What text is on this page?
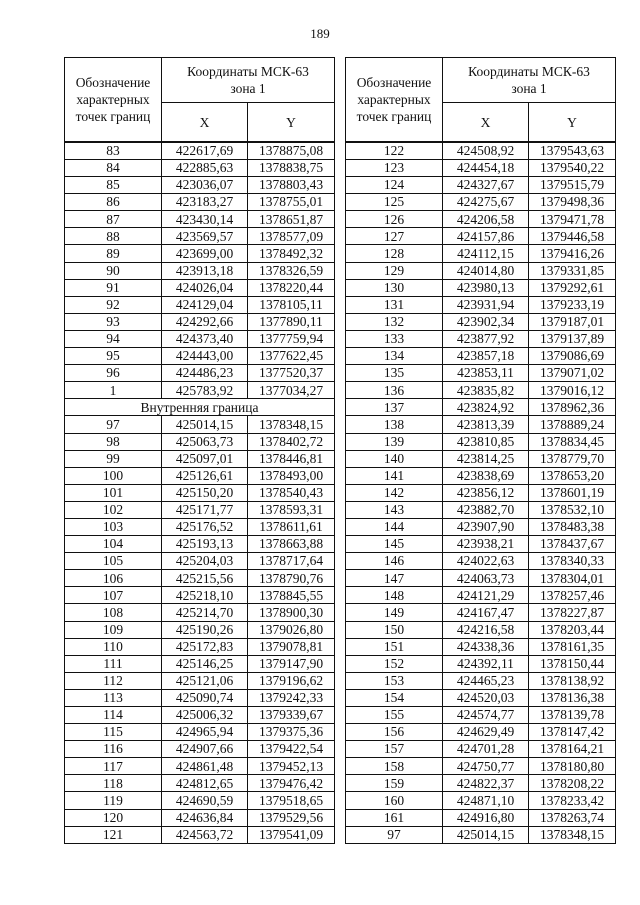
189
Обозначение характерных точек границ	Координаты МСК-63 зона 1	
	X	Y
83	422617,69	1378875,08
84	422885,63	1378838,75
85	423036,07	1378803,43
86	423183,27	1378755,01
87	423430,14	1378651,87
88	423569,57	1378577,09
89	423699,00	1378492,32
90	423913,18	1378326,59
91	424026,04	1378220,44
92	424129,04	1378105,11
93	424292,66	1377890,11
94	424373,40	1377759,94
95	424443,00	1377622,45
96	424486,23	1377520,37
1	425783,92	1377034,27
Внутренняя граница		
97	425014,15	1378348,15
98	425063,73	1378402,72
99	425097,01	1378446,81
100	425126,61	1378493,00
101	425150,20	1378540,43
102	425171,77	1378593,31
103	425176,52	1378611,61
104	425193,13	1378663,88
105	425204,03	1378717,64
106	425215,56	1378790,76
107	425218,10	1378845,55
108	425214,70	1378900,30
109	425190,26	1379026,80
110	425172,83	1379078,81
111	425146,25	1379147,90
112	425121,06	1379196,62
113	425090,74	1379242,33
114	425006,32	1379339,67
115	424965,94	1379375,36
116	424907,66	1379422,54
117	424861,48	1379452,13
118	424812,65	1379476,42
119	424690,59	1379518,65
120	424636,84	1379529,56
121	424563,72	1379541,09
Обозначение характерных точек границ	Координаты МСК-63 зона 1	
	X	Y
122	424508,92	1379543,63
123	424454,18	1379540,22
124	424327,67	1379515,79
125	424275,67	1379498,36
126	424206,58	1379471,78
127	424157,86	1379446,58
128	424112,15	1379416,26
129	424014,80	1379331,85
130	423980,13	1379292,61
131	423931,94	1379233,19
132	423902,34	1379187,01
133	423877,92	1379137,89
134	423857,18	1379086,69
135	423853,11	1379071,02
136	423835,82	1379016,12
137	423824,92	1378962,36
138	423813,39	1378889,24
139	423810,85	1378834,45
140	423814,25	1378779,70
141	423838,69	1378653,20
142	423856,12	1378601,19
143	423882,70	1378532,10
144	423907,90	1378483,38
145	423938,21	1378437,67
146	424022,63	1378340,33
147	424063,73	1378304,01
148	424121,29	1378257,46
149	424167,47	1378227,87
150	424216,58	1378203,44
151	424338,36	1378161,35
152	424392,11	1378150,44
153	424465,23	1378138,92
154	424520,03	1378136,38
155	424574,77	1378139,78
156	424629,49	1378147,42
157	424701,28	1378164,21
158	424750,77	1378180,80
159	424822,37	1378208,22
160	424871,10	1378233,42
161	424916,80	1378263,74
97	425014,15	1378348,15
